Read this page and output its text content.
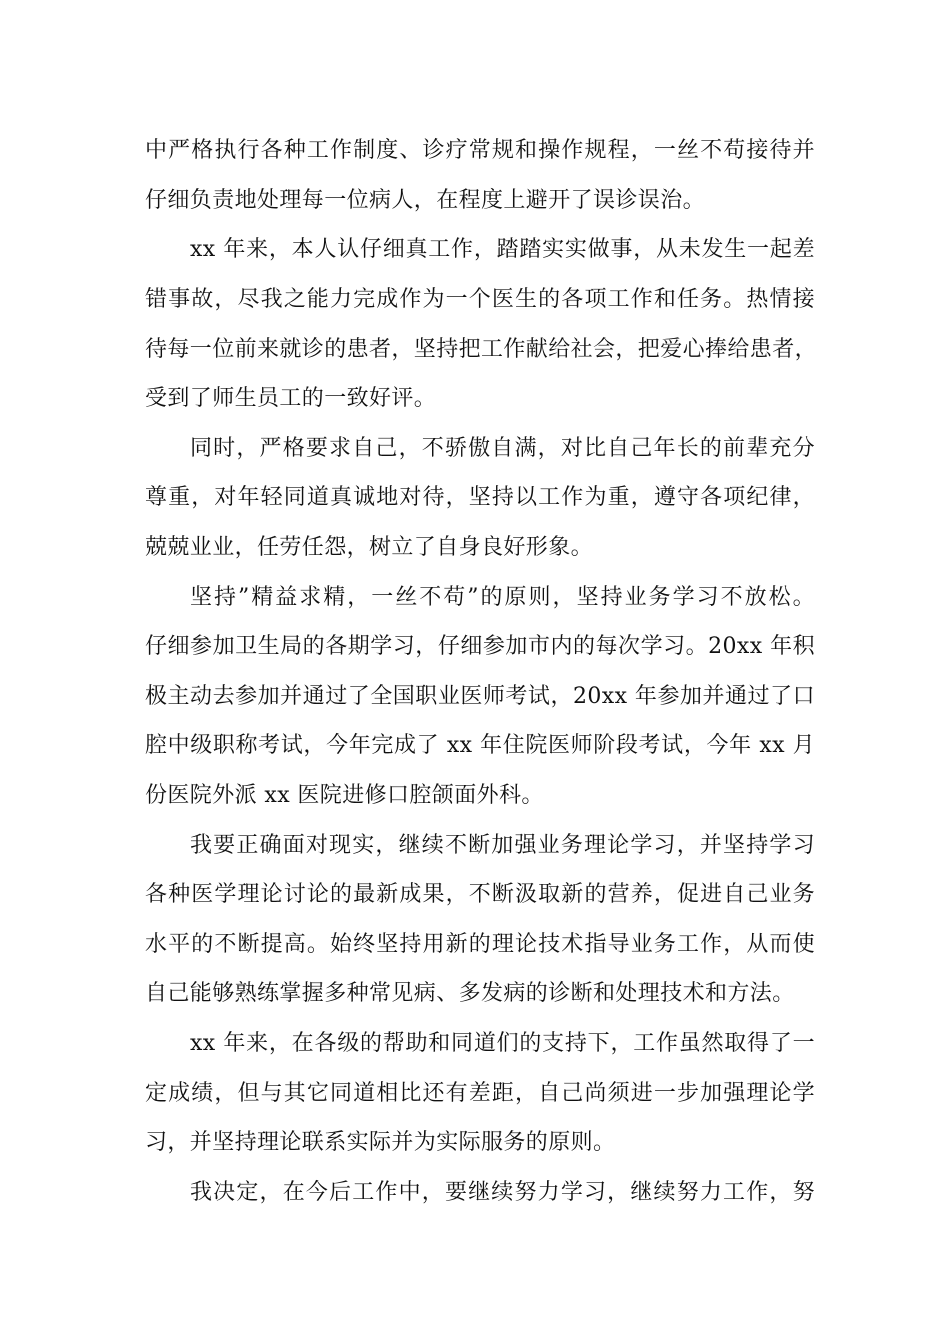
中严格执行各种工作制度、诊疗常规和操作规程，一丝不苟接待并
仔细负责地处理每一位病人，在程度上避开了误诊误治。
xx 年来，本人认仔细真工作，踏踏实实做事，从未发生一起差
错事故，尽我之能力完成作为一个医生的各项工作和任务。热情接
待每一位前来就诊的患者，坚持把工作献给社会，把爱心捧给患者，
受到了师生员工的一致好评。
同时，严格要求自己，不骄傲自满，对比自己年长的前辈充分
尊重，对年轻同道真诚地对待，坚持以工作为重，遵守各项纪律，
兢兢业业，任劳任怨，树立了自身良好形象。
坚持”精益求精，一丝不苟”的原则，坚持业务学习不放松。
仔细参加卫生局的各期学习，仔细参加市内的每次学习。20xx 年积
极主动去参加并通过了全国职业医师考试，20xx 年参加并通过了口
腔中级职称考试，今年完成了 xx 年住院医师阶段考试，今年 xx 月
份医院外派 xx 医院进修口腔颌面外科。
我要正确面对现实，继续不断加强业务理论学习，并坚持学习
各种医学理论讨论的最新成果，不断汲取新的营养，促进自己业务
水平的不断提高。始终坚持用新的理论技术指导业务工作，从而使
自己能够熟练掌握多种常见病、多发病的诊断和处理技术和方法。
xx 年来，在各级的帮助和同道们的支持下，工作虽然取得了一
定成绩，但与其它同道相比还有差距，自己尚须进一步加强理论学
习，并坚持理论联系实际并为实际服务的原则。
我决定，在今后工作中，要继续努力学习，继续努力工作，努
